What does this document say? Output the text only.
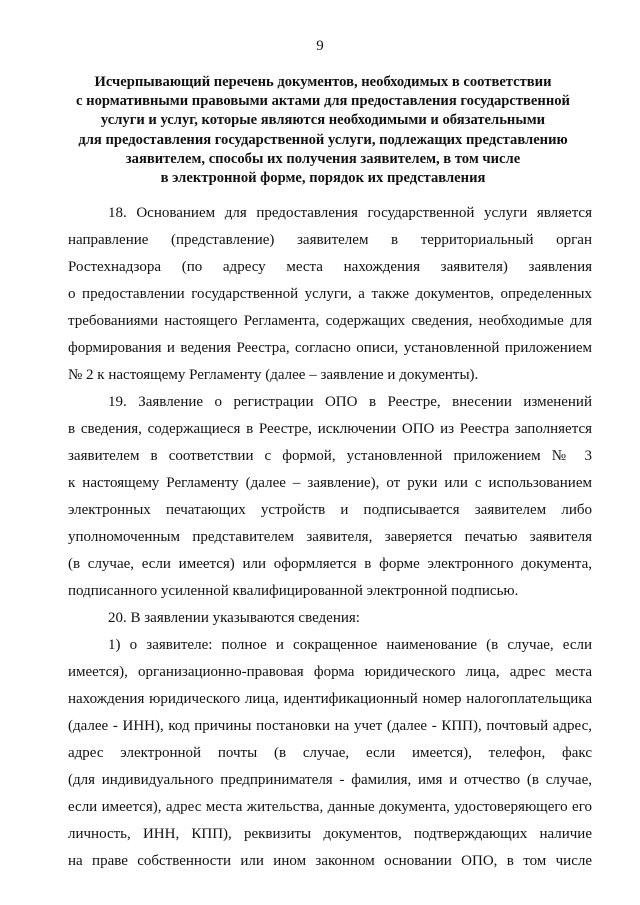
9
Исчерпывающий перечень документов, необходимых в соответствии
с нормативными правовыми актами для предоставления государственной
услуги и услуг, которые являются необходимыми и обязательными
для предоставления государственной услуги, подлежащих представлению
заявителем, способы их получения заявителем, в том числе
в электронной форме, порядок их представления
18. Основанием для предоставления государственной услуги является
направление (представление) заявителем в территориальный орган
Ростехнадзора (по адресу места нахождения заявителя) заявления
о предоставлении государственной услуги, а также документов, определенных
требованиями настоящего Регламента, содержащих сведения, необходимые для
формирования и ведения Реестра, согласно описи, установленной приложением
№ 2 к настоящему Регламенту (далее – заявление и документы).
19. Заявление о регистрации ОПО в Реестре, внесении изменений
в сведения, содержащиеся в Реестре, исключении ОПО из Реестра заполняется
заявителем в соответствии с формой, установленной приложением № 3
к настоящему Регламенту (далее – заявление), от руки или с использованием
электронных печатающих устройств и подписывается заявителем либо
уполномоченным представителем заявителя, заверяется печатью заявителя
(в случае, если имеется) или оформляется в форме электронного документа,
подписанного усиленной квалифицированной электронной подписью.
20. В заявлении указываются сведения:
1) о заявителе: полное и сокращенное наименование (в случае, если
имеется), организационно-правовая форма юридического лица, адрес места
нахождения юридического лица, идентификационный номер налогоплательщика
(далее - ИНН), код причины постановки на учет (далее - КПП), почтовый адрес,
адрес электронной почты (в случае, если имеется), телефон, факс
(для индивидуального предпринимателя - фамилия, имя и отчество (в случае,
если имеется), адрес места жительства, данные документа, удостоверяющего его
личность, ИНН, КПП), реквизиты документов, подтверждающих наличие
на праве собственности или ином законном основании ОПО, в том числе
